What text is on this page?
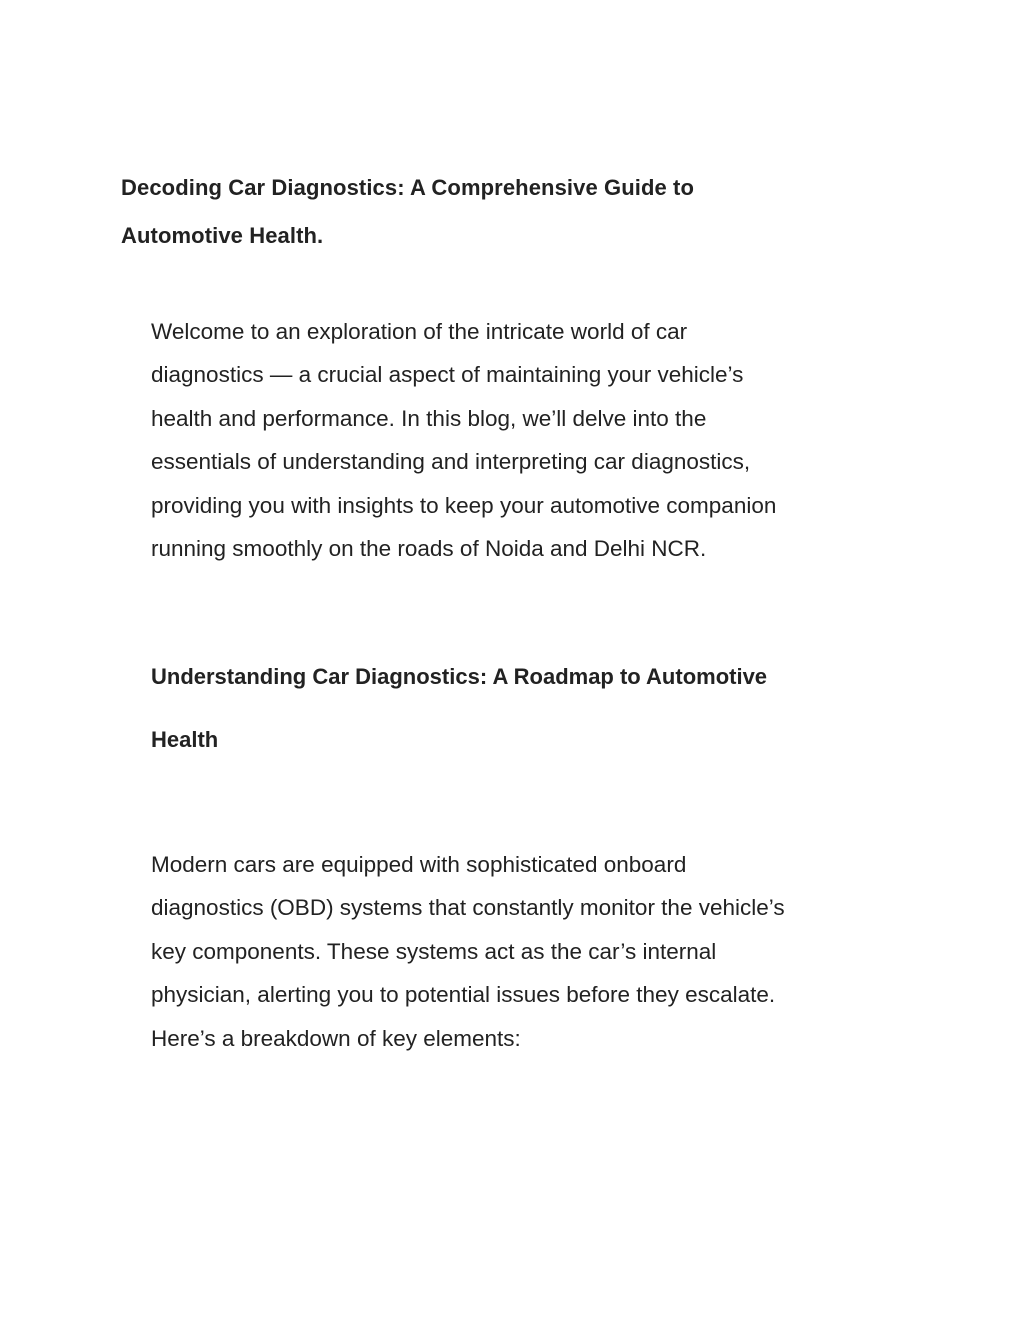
Decoding Car Diagnostics: A Comprehensive Guide to
Automotive Health.

Welcome to an exploration of the intricate world of car
diagnostics — a crucial aspect of maintaining your vehicle’s
health and performance. In this blog, we’ll delve into the
essentials of understanding and interpreting car diagnostics,
providing you with insights to keep your automotive companion
running smoothly on the roads of Noida and Delhi NCR.

Understanding Car Diagnostics: A Roadmap to Automotive
Health

Modern cars are equipped with sophisticated onboard
diagnostics (OBD) systems that constantly monitor the vehicle’s
key components. These systems act as the car’s internal
physician, alerting you to potential issues before they escalate.
Here’s a breakdown of key elements:
